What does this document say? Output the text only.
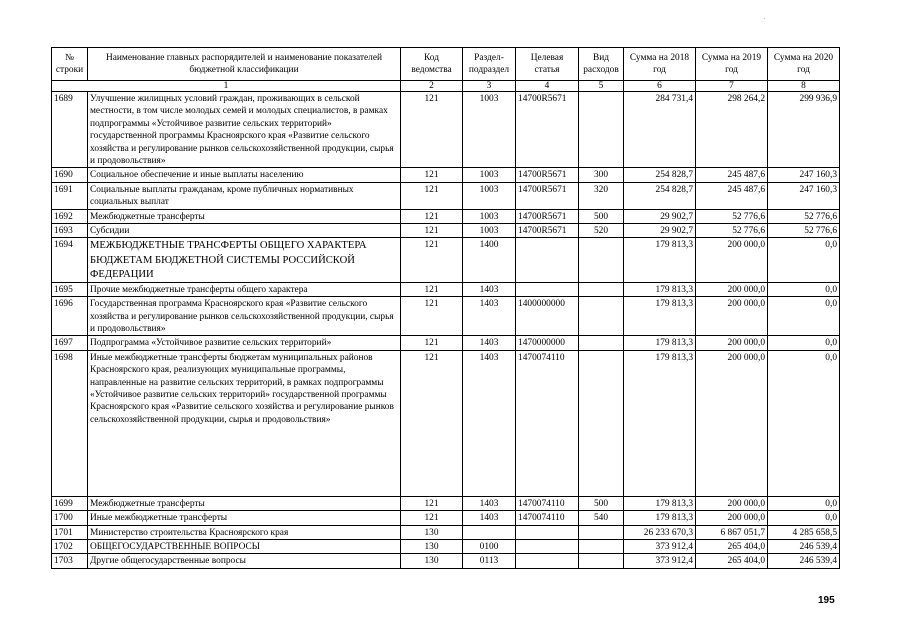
·
№ строки	Наименование главных распорядителей и наименование показателей бюджетной классификации	Код ведомства	Раздел-подраздел	Целевая статья	Вид расходов	Сумма на 2018 год	Сумма на 2019 год	Сумма на 2020 год
1		2	3	4	5	6	7	8
1689	Улучшение жилищных условий граждан, проживающих в сельской местности, в том числе молодых семей и молодых специалистов, в рамках подпрограммы «Устойчивое развитие сельских территорий» государственной программы Красноярского края «Развитие сельского хозяйства и регулирование рынков сельскохозяйственной продукции, сырья и продовольствия»	121	1003	14700R5671		284 731,4	298 264,2	299 936,9
1690	Социальное обеспечение и иные выплаты населению	121	1003	14700R5671	300	254 828,7	245 487,6	247 160,3
1691	Социальные выплаты гражданам, кроме публичных нормативных социальных выплат	121	1003	14700R5671	320	254 828,7	245 487,6	247 160,3
1692	Межбюджетные трансферты	121	1003	14700R5671	500	29 902,7	52 776,6	52 776,6
1693	Субсидии	121	1003	14700R5671	520	29 902,7	52 776,6	52 776,6
1694	МЕЖБЮДЖЕТНЫЕ ТРАНСФЕРТЫ ОБЩЕГО ХАРАКТЕРА БЮДЖЕТАМ БЮДЖЕТНОЙ СИСТЕМЫ РОССИЙСКОЙ ФЕДЕРАЦИИ	121	1400			179 813,3	200 000,0	0,0
1695	Прочие межбюджетные трансферты общего характера	121	1403			179 813,3	200 000,0	0,0
1696	Государственная программа Красноярского края «Развитие сельского хозяйства и регулирование рынков сельскохозяйственной продукции, сырья и продовольствия»	121	1403	1400000000		179 813,3	200 000,0	0,0
1697	Подпрограмма «Устойчивое развитие сельских территорий»	121	1403	1470000000		179 813,3	200 000,0	0,0
1698	Иные межбюджетные трансферты бюджетам муниципальных районов Красноярского края, реализующих муниципальные программы, направленные на развитие сельских территорий, в рамках подпрограммы «Устойчивое развитие сельских территорий» государственной программы Красноярского края «Развитие сельского хозяйства и регулирование рынков сельскохозяйственной продукции, сырья и продовольствия»	121	1403	1470074110		179 813,3	200 000,0	0,0
1699	Межбюджетные трансферты	121	1403	1470074110	500	179 813,3	200 000,0	0,0
1700	Иные межбюджетные трансферты	121	1403	1470074110	540	179 813,3	200 000,0	0,0
1701	Министерство строительства Красноярского края	130				26 233 670,3	6 867 051,7	4 285 658,5
1702	ОБЩЕГОСУДАРСТВЕННЫЕ ВОПРОСЫ	130	0100			373 912,4	265 404,0	246 539,4
1703	Другие общегосударственные вопросы	130	0113			373 912,4	265 404,0	246 539,4
195
